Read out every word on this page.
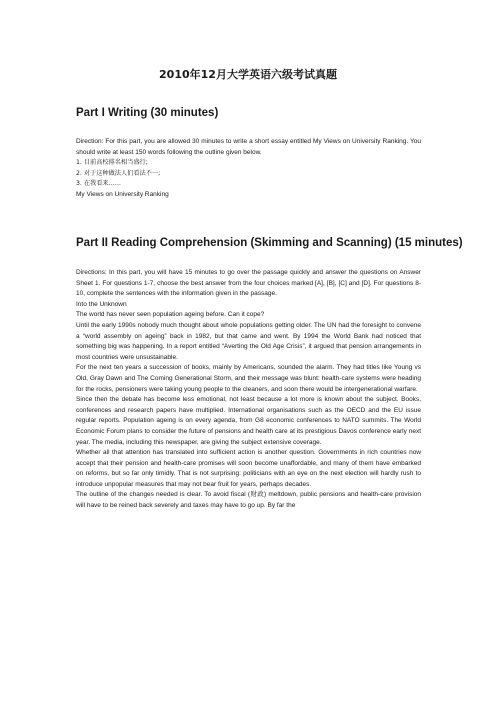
2010年12月大学英语六级考试真题
Part I Writing (30 minutes)

Direction: For this part, you are allowed 30 minutes to write a short essay entitled My Views on University Ranking. You should write at least 150 words following the outline given below.

1. 目前高校排名相当盛行;
2. 对于这种做法人们看法不一;
3. 在我看来……

My Views on University Ranking

Part II Reading Comprehension (Skimming and Scanning) (15 minutes)

Directions: In this part, you will have 15 minutes to go over the passage quickly and answer the questions on Answer Sheet 1. For questions 1-7, choose the best answer from the four choices marked [A], [B], [C] and [D]. For questions 8-10, complete the sentences with the information given in the passage.

Into the Unknown

The world has never seen population ageing before. Can it cope?

Until the early 1990s nobody much thought about whole populations getting older. The UN had the foresight to convene a “world assembly on ageing” back in 1982, but that came and went. By 1994 the World Bank had noticed that something big was happening. In a report entitled “Averting the Old Age Crisis”, it argued that pension arrangements in most countries were unsustainable.

For the next ten years a succession of books, mainly by Americans, sounded the alarm. They had titles like Young vs Old, Gray Dawn and The Coming Generational Storm, and their message was blunt: health-care systems were heading for the rocks, pensioners were taking young people to the cleaners, and soon there would be intergenerational warfare.

Since then the debate has become less emotional, not least because a lot more is known about the subject. Books, conferences and research papers have multiplied. International organisations such as the OECD and the EU issue regular reports. Population ageing is on every agenda, from G8 economic conferences to NATO summits. The World Economic Forum plans to consider the future of pensions and health care at its prestigious Davos conference early next year. The media, including this newspaper, are giving the subject extensive coverage.

Whether all that attention has translated into sufficient action is another question. Governments in rich countries now accept that their pension and health-care promises will soon become unaffordable, and many of them have embarked on reforms, but so far only timidly. That is not surprising: politicians with an eye on the next election will hardly rush to introduce unpopular measures that may not bear fruit for years, perhaps decades.

The outline of the changes needed is clear. To avoid fiscal (财政) meltdown, public pensions and health-care provision will have to be reined back severely and taxes may have to go up. By far the
